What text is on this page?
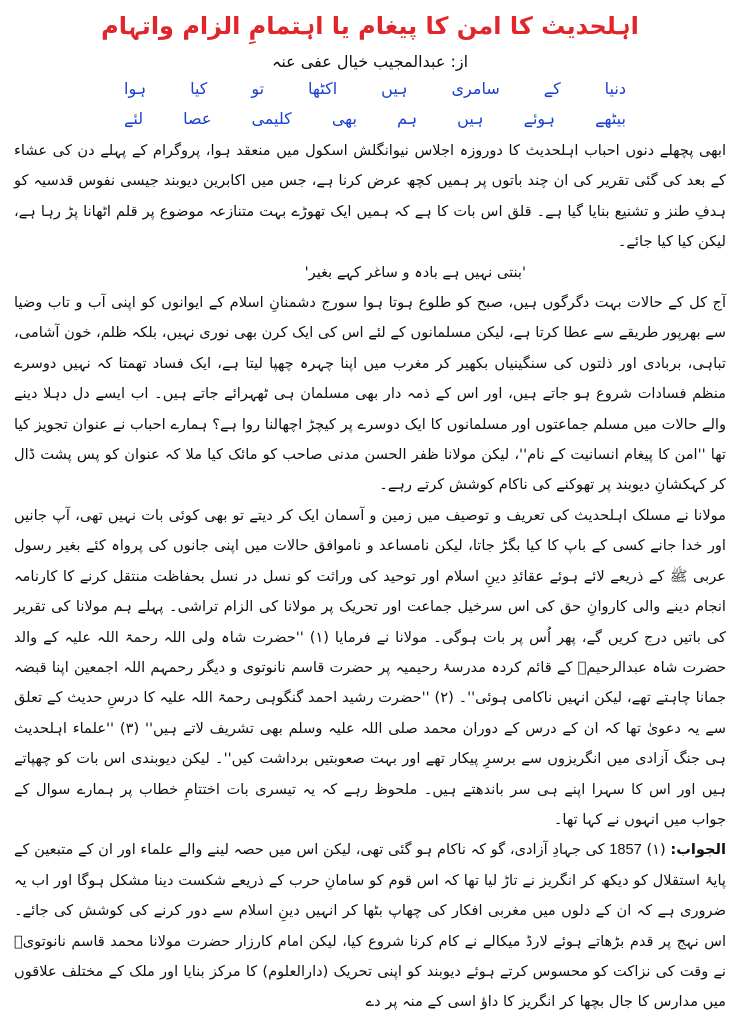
اہلحدیث کا امن کا پیغام یا اہتمامِ الزام واتہام
از: عبدالمجیب خیال عفی عنہ
ہوا	کیا	تو	اکٹھا	ہیں	سامری	کے	دنیا
لئے	عصا	کلیمی	بھی	ہم	ہیں	ہوئے	بیٹھے

ابھی پچھلے دنوں احباب اہلحدیث کا دوروزہ اجلاس نیوانگلش اسکول میں منعقد ہوا، پروگرام کے پہلے دن کی عشاء کے بعد کی گئی تقریر کی ان چند باتوں پر ہمیں کچھ عرض کرنا ہے، جس میں اکابرین دیوبند جیسی نفوس قدسیہ کو ہدفِ طنز و تشنیع بنایا گیا ہے۔ قلق اس بات کا ہے کہ ہمیں ایک تھوڑے بہت متنازعہ موضوع پر قلم اٹھانا پڑ رہا ہے، لیکن کیا کیا جائے۔

'بنتی نہیں ہے بادہ و ساغر کہے بغیر'

آج کل کے حالات بہت دگرگوں ہیں، صبح کو طلوع ہوتا ہوا سورج دشمنانِ اسلام کے ایوانوں کو اپنی آب و تاب وضیا سے بھرپور طریقے سے عطا کرتا ہے، لیکن مسلمانوں کے لئے اس کی ایک کرن بھی نوری نہیں، بلکہ ظلم، خون آشامی، تباہی، بربادی اور ذلتوں کی سنگینیاں بکھیر کر مغرب میں اپنا چہرہ چھپا لیتا ہے، ایک فساد تھمتا کہ نہیں دوسرے منظم فسادات شروع ہو جاتے ہیں، اور اس کے ذمہ دار بھی مسلمان ہی ٹھہرائے جاتے ہیں۔ اب ایسے دل دہلا دینے والے حالات میں مسلم جماعتوں اور مسلمانوں کا ایک دوسرے پر کیچڑ اچھالنا روا ہے؟ ہمارے احباب نے عنوان تجویز کیا تھا ''امن کا پیغام انسانیت کے نام''، لیکن مولانا ظفر الحسن مدنی صاحب کو مائک کیا ملا کہ عنوان کو پس پشت ڈال کر کہکشانِ دیوبند پر تھوکنے کی ناکام کوشش کرتے رہے۔

مولانا نے مسلک اہلحدیث کی تعریف و توصیف میں زمین و آسمان ایک کر دیتے تو بھی کوئی بات نہیں تھی، آپ جانیں اور خدا جانے کسی کے باپ کا کیا بگڑ جاتا، لیکن نامساعد و ناموافق حالات میں اپنی جانوں کی پرواہ کئے بغیر رسول عربی ﷺ کے ذریعے لائے ہوئے عقائدِ دینِ اسلام اور توحید کی وراثت کو نسل در نسل بحفاظت منتقل کرنے کا کارنامہ انجام دینے والی کاروانِ حق کی اس سرخیل جماعت اور تحریک پر مولانا کی الزام تراشی۔ پہلے ہم مولانا کی تقریر کی باتیں درج کریں گے، پھر اُس پر بات ہوگی۔ مولانا نے فرمایا (۱) ''حضرت شاہ ولی اللہ رحمۃ اللہ علیہ کے والد حضرت شاہ عبدالرحیمؒ کے قائم کردہ مدرسۂ رحیمیہ پر حضرت قاسم نانوتوی و دیگر رحمہم اللہ اجمعین اپنا قبضہ جمانا چاہتے تھے، لیکن انہیں ناکامی ہوئی''۔ (۲) ''حضرت رشید احمد گنگوہی رحمۃ اللہ علیہ کا درسِ حدیث کے تعلق سے یہ دعویٰ تھا کہ ان کے درس کے دوران محمد صلی اللہ علیہ وسلم بھی تشریف لاتے ہیں'' (۳) ''علماء اہلحدیث ہی جنگ آزادی میں انگریزوں سے برسرِ پیکار تھے اور بہت صعوبتیں برداشت کیں''۔ لیکن دیوبندی اس بات کو چھپاتے ہیں اور اس کا سہرا اپنے ہی سر باندھتے ہیں۔ ملحوظ رہے کہ یہ تیسری بات اختتامِ خطاب پر ہمارے سوال کے جواب میں انہوں نے کہا تھا۔

الجواب: (۱) 1857 کی جہادِ آزادی، گو کہ ناکام ہو گئی تھی، لیکن اس میں حصہ لینے والے علماء اور ان کے متبعین کے پایۂ استقلال کو دیکھ کر انگریز نے تاڑ لیا تھا کہ اس قوم کو سامانِ حرب کے ذریعے شکست دینا مشکل ہوگا اور اب یہ ضروری ہے کہ ان کے دلوں میں مغربی افکار کی چھاپ بٹھا کر انہیں دینِ اسلام سے دور کرنے کی کوشش کی جائے۔ اس نہج پر قدم بڑھاتے ہوئے لارڈ میکالے نے کام کرنا شروع کیا، لیکن امام کارزار حضرت مولانا محمد قاسم نانوتویؒ نے وقت کی نزاکت کو محسوس کرتے ہوئے دیوبند کو اپنی تحریک (دارالعلوم) کا مرکز بنایا اور ملک کے مختلف علاقوں میں مدارس کا جال بچھا کر انگریز کا داؤ اسی کے منہ پر دے
